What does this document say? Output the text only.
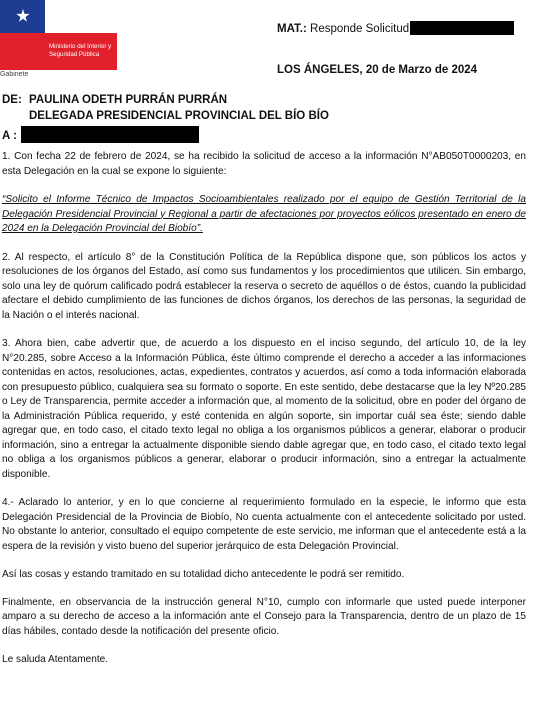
Ministerio del Interior y Seguridad Pública
Gabinete
MAT.: Responde Solicitud
LOS ÁNGELES, 20 de Marzo de 2024
DE: PAULINA ODETH PURRÁN PURRÁN
DELEGADA PRESIDENCIAL PROVINCIAL DEL BÍO BÍO
A :

1. Con fecha 22 de febrero de 2024, se ha recibido la solicitud de acceso a la información N°AB050T0000203, en esta Delegación en la cual se expone lo siguiente:

“Solicito el Informe Técnico de Impactos Socioambientales realizado por el equipo de Gestión Territorial de la Delegación Presidencial Provincial y Regional a partir de afectaciones por proyectos eólicos presentado en enero de 2024 en la Delegación Provincial del Biobío”.

2. Al respecto, el artículo 8° de la Constitución Política de la República dispone que, son públicos los actos y resoluciones de los órganos del Estado, así como sus fundamentos y los procedimientos que utilicen. Sin embargo, solo una ley de quórum calificado podrá establecer la reserva o secreto de aquéllos o de éstos, cuando la publicidad afectare el debido cumplimiento de las funciones de dichos órganos, los derechos de las personas, la seguridad de la Nación o el interés nacional.

3. Ahora bien, cabe advertir que, de acuerdo a los dispuesto en el inciso segundo, del artículo 10, de la ley N°20.285, sobre Acceso a la Información Pública, éste último comprende el derecho a acceder a las informaciones contenidas en actos, resoluciones, actas, expedientes, contratos y acuerdos, así como a toda información elaborada con presupuesto público, cualquiera sea su formato o soporte. En este sentido, debe destacarse que la ley Nº20.285 o Ley de Transparencia, permite acceder a información que, al momento de la solicitud, obre en poder del órgano de la Administración Pública requerido, y esté contenida en algún soporte, sin importar cuál sea éste; siendo dable agregar que, en todo caso, el citado texto legal no obliga a los organismos públicos a generar, elaborar o producir información, sino a entregar la actualmente disponible siendo dable agregar que, en todo caso, el citado texto legal no obliga a los organismos públicos a generar, elaborar o producir información, sino a entregar la actualmente disponible.

4.- Aclarado lo anterior, y en lo que concierne al requerimiento formulado en la especie, le informo que esta Delegación Presidencial de la Provincia de Biobío, No cuenta actualmente con el antecedente solicitado por usted. No obstante lo anterior, consultado el equipo competente de este servicio, me informan que el antecedente está a la espera de la revisión y visto bueno del superior jerárquico de esta Delegación Provincial.

Así las cosas y estando tramitado en su totalidad dicho antecedente le podrá ser remitido.

Finalmente, en observancia de la instrucción general N°10, cumplo con informarle que usted puede interponer amparo a su derecho de acceso a la información ante el Consejo para la Transparencia, dentro de un plazo de 15 días hábiles, contado desde la notificación del presente oficio.

Le saluda Atentamente.
